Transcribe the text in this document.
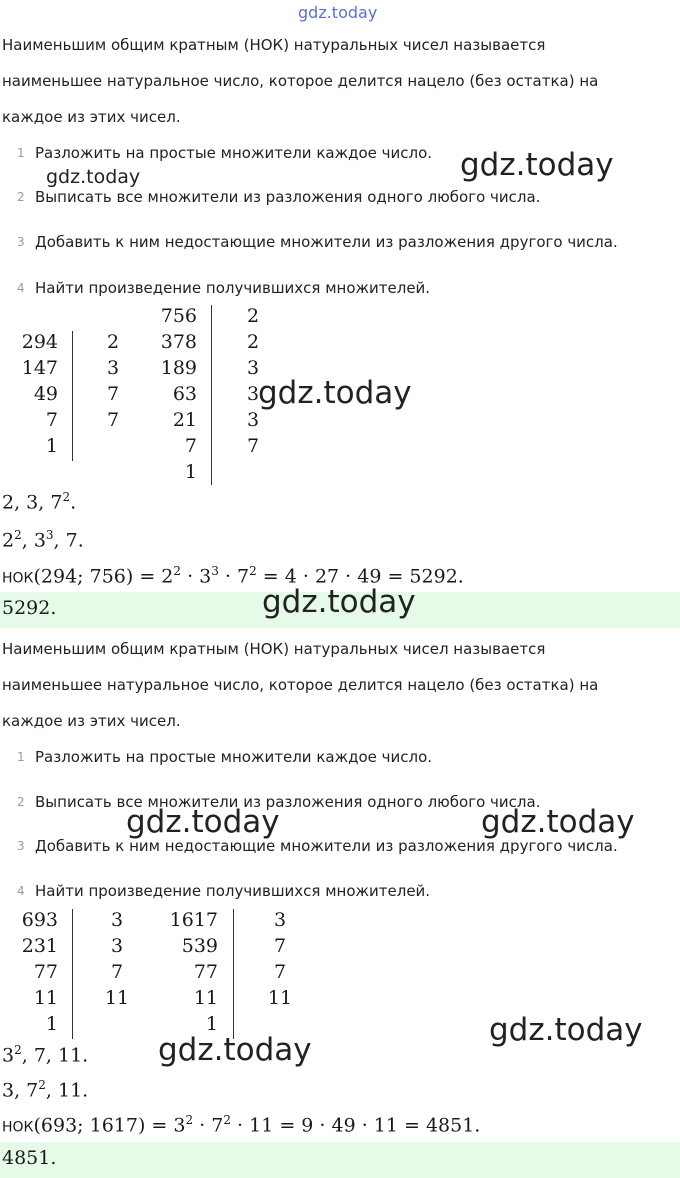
gdz.today
Наименьшим общим кратным (НОК) натуральных чисел называется
наименьшее натуральное число, которое делится нацело (без остатка) на
каждое из этих чисел.
1 Разложить на простые множители каждое число.
2 Выписать все множители из разложения одного любого числа.
3 Добавить к ним недостающие множители из разложения другого числа.
4 Найти произведение получившихся множителей.
294	2
147	3
49	7
7	7
1
756	2
378	2
189	3
63	3
21	3
7	7
1
2, 3, $7^2$.
$2^2$, $3^3$, 7.
НОК(294; $756) = 2^2 \cdot 3^3 \cdot 7^2 = 4 \cdot 27 \cdot 49 = 5292$.
5292.
Наименьшим общим кратным (НОК) натуральных чисел называется
наименьшее натуральное число, которое делится нацело (без остатка) на
каждое из этих чисел.
1 Разложить на простые множители каждое число.
2 Выписать все множители из разложения одного любого числа.
3 Добавить к ним недостающие множители из разложения другого числа.
4 Найти произведение получившихся множителей.
693	3
231	3
77	7
11	11
1
1617	3
539	7
77	7
11	11
1
$3^2$, 7, 11.
3, $7^2$, 11.
НОК(693; $1617) = 3^2 \cdot 7^2 \cdot 11 = 9 \cdot 49 \cdot 11 = 4851$.
4851.
gdz.today	gdz.today
gdz.today
gdz.today
gdz.today	gdz.today
gdz.today
gdz.today
